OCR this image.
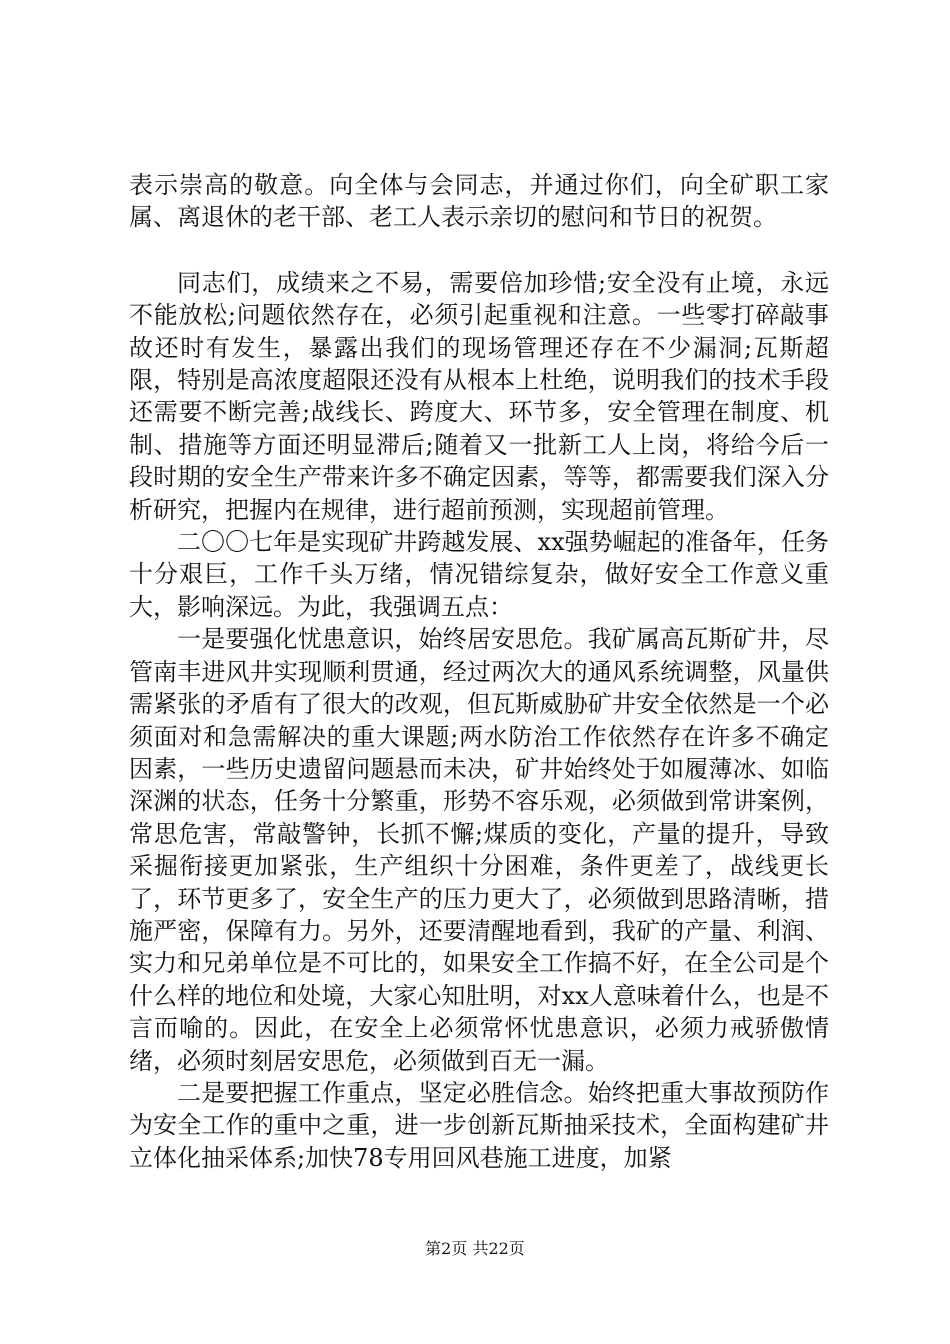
表示崇高的敬意。向全体与会同志，并通过你们，向全矿职工家属、离退休的老干部、老工人表示亲切的慰问和节日的祝贺。

同志们，成绩来之不易，需要倍加珍惜;安全没有止境，永远不能放松;问题依然存在，必须引起重视和注意。一些零打碎敲事故还时有发生，暴露出我们的现场管理还存在不少漏洞;瓦斯超限，特别是高浓度超限还没有从根本上杜绝，说明我们的技术手段还需要不断完善;战线长、跨度大、环节多，安全管理在制度、机制、措施等方面还明显滞后;随着又一批新工人上岗，将给今后一段时期的安全生产带来许多不确定因素，等等，都需要我们深入分析研究，把握内在规律，进行超前预测，实现超前管理。

二〇〇七年是实现矿井跨越发展、xx强势崛起的准备年，任务十分艰巨，工作千头万绪，情况错综复杂，做好安全工作意义重大，影响深远。为此，我强调五点：

一是要强化忧患意识，始终居安思危。我矿属高瓦斯矿井，尽管南丰进风井实现顺利贯通，经过两次大的通风系统调整，风量供需紧张的矛盾有了很大的改观，但瓦斯威胁矿井安全依然是一个必须面对和急需解决的重大课题;两水防治工作依然存在许多不确定因素，一些历史遗留问题悬而未决，矿井始终处于如履薄冰、如临深渊的状态，任务十分繁重，形势不容乐观，必须做到常讲案例，常思危害，常敲警钟，长抓不懈;煤质的变化，产量的提升，导致采掘衔接更加紧张，生产组织十分困难，条件更差了，战线更长了，环节更多了，安全生产的压力更大了，必须做到思路清晰，措施严密，保障有力。另外，还要清醒地看到，我矿的产量、利润、实力和兄弟单位是不可比的，如果安全工作搞不好，在全公司是个什么样的地位和处境，大家心知肚明，对xx人意味着什么，也是不言而喻的。因此，在安全上必须常怀忧患意识，必须力戒骄傲情绪，必须时刻居安思危，必须做到百无一漏。

二是要把握工作重点，坚定必胜信念。始终把重大事故预防作为安全工作的重中之重，进一步创新瓦斯抽采技术，全面构建矿井立体化抽采体系;加快78专用回风巷施工进度，加紧

第2页 共22页
